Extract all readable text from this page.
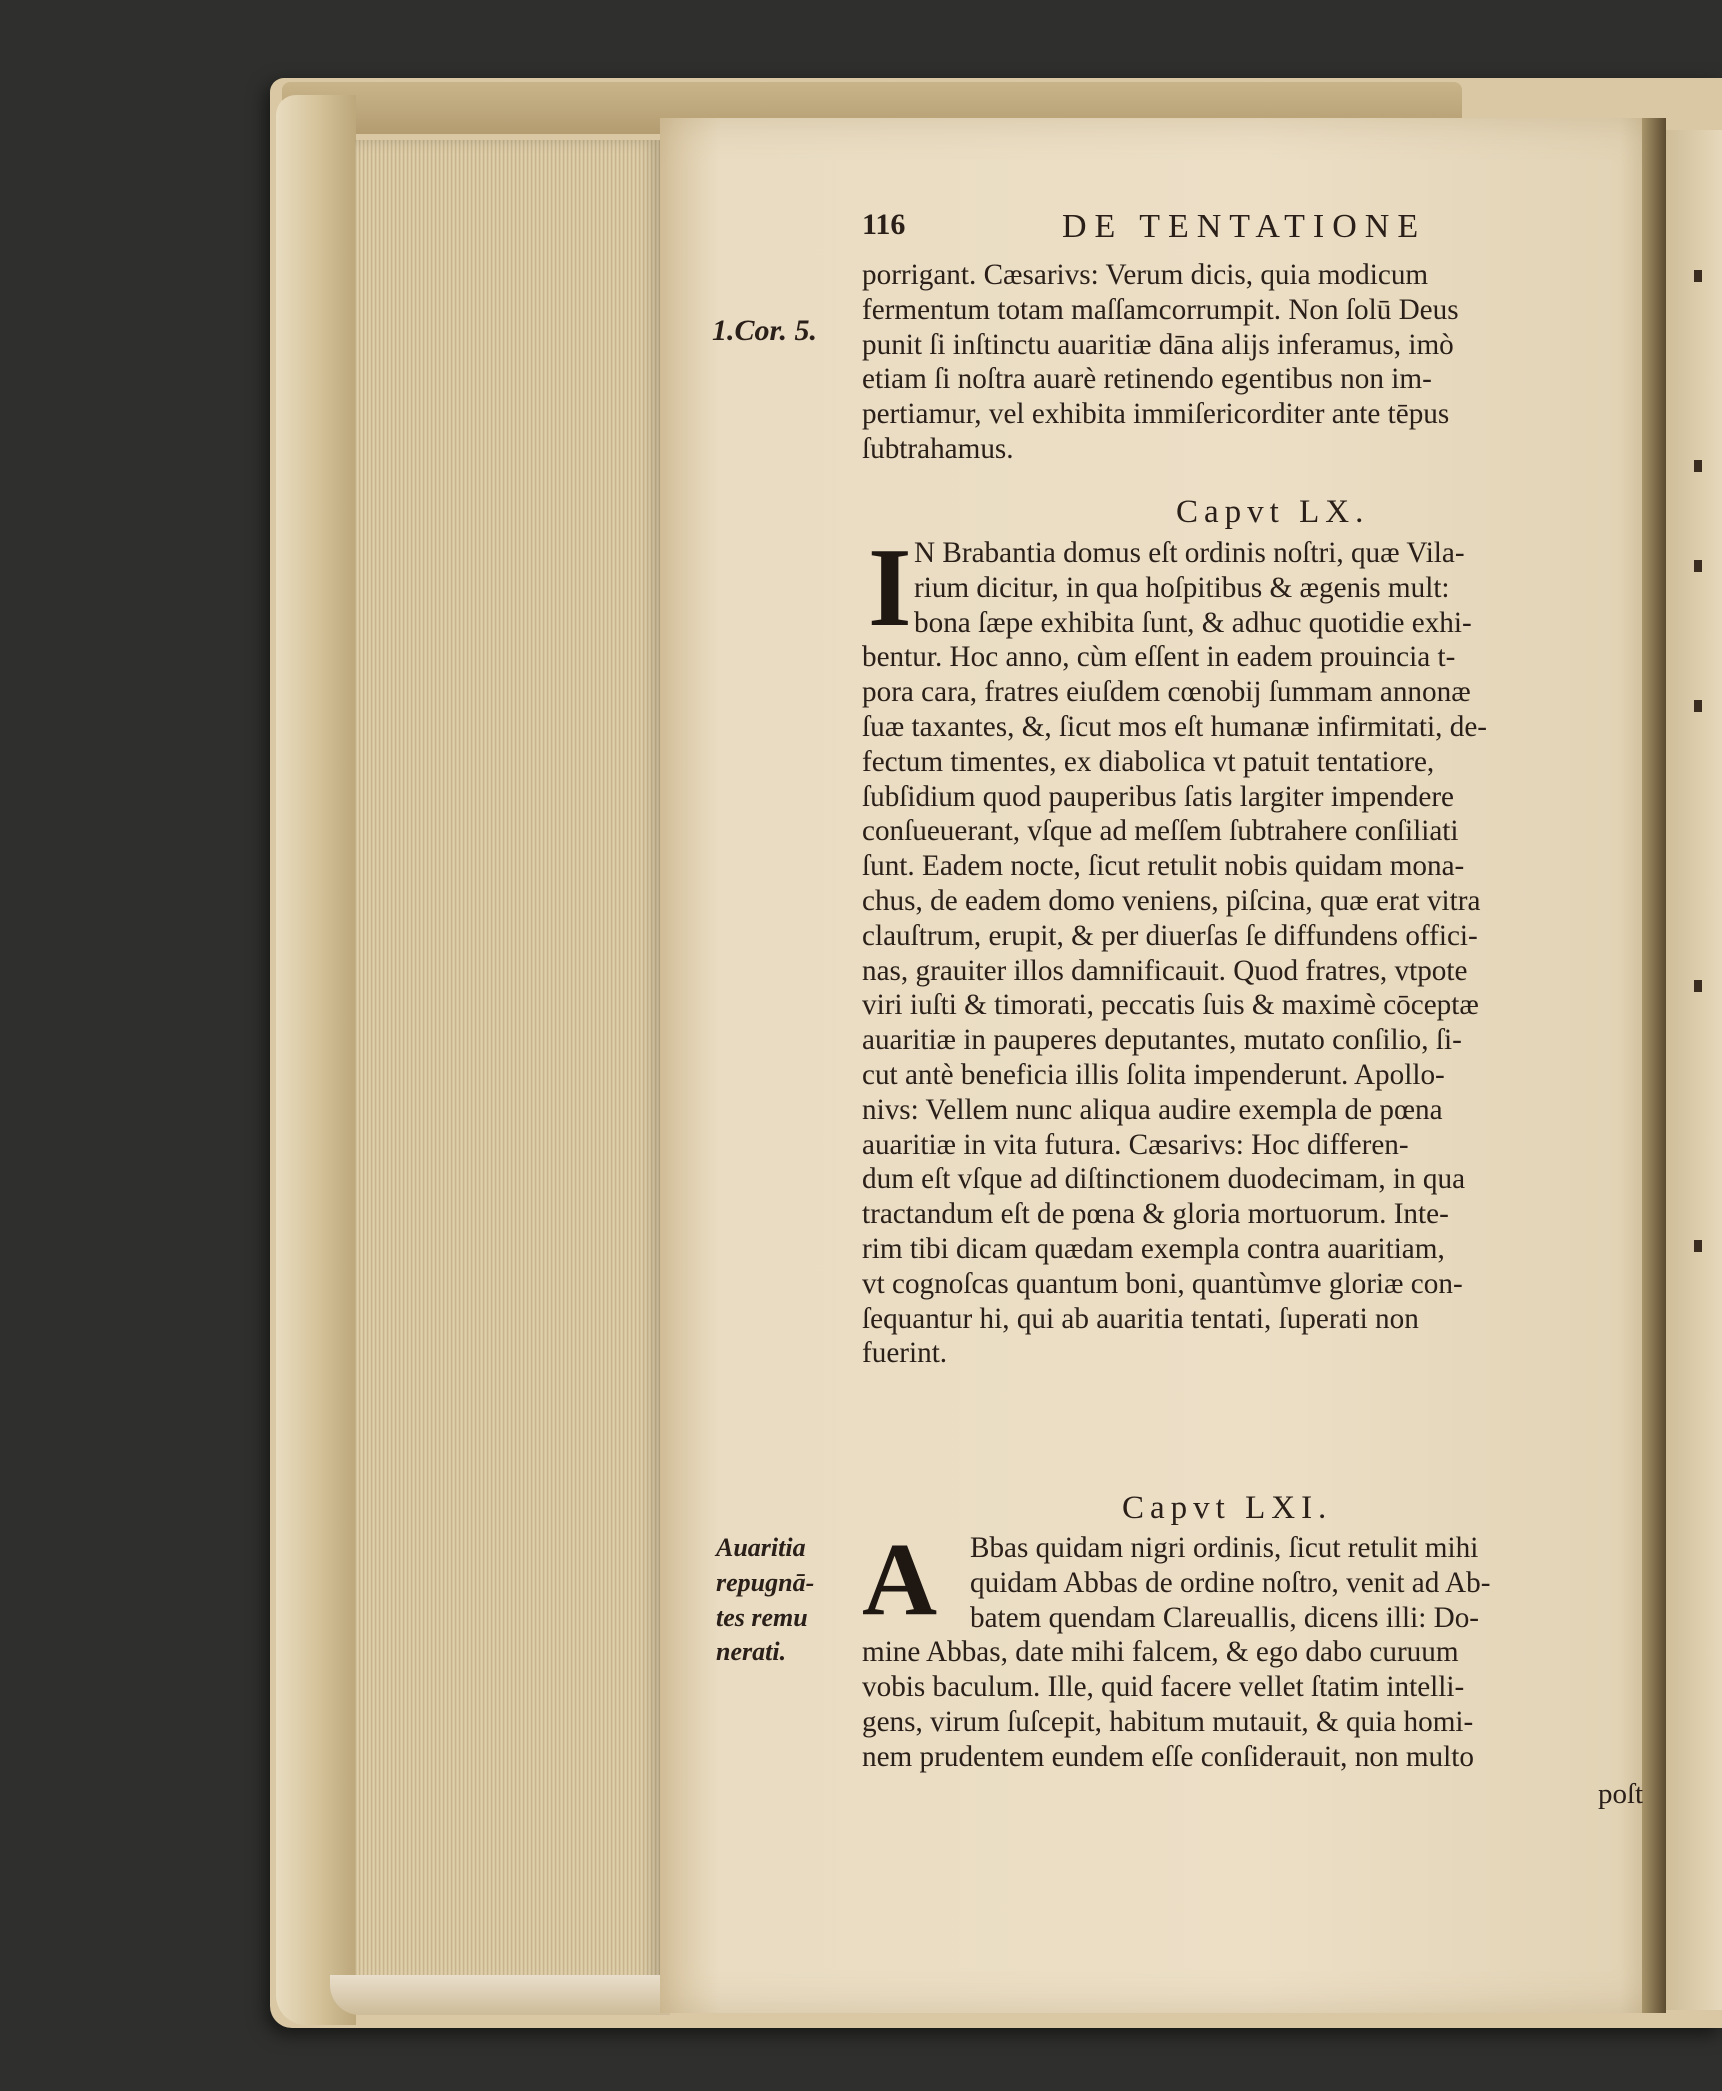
116	DE TENTATIONE
1.Cor. 5.
porrigant. Cæsarivs: Verum dicis, quia modicum
fermentum totam maſſamcorrumpit. Non ſolū Deus
punit ſi inſtinctu auaritiæ dāna alijs inferamus, imò
etiam ſi noſtra auarè retinendo egentibus non im-
pertiamur, vel exhibita immiſericorditer ante tēpus
ſubtrahamus.
Capvt LX.
I N Brabantia domus eſt ordinis noſtri, quæ Vila-
rium dicitur, in qua hoſpitibus & ægenis mult:
bona ſæpe exhibita ſunt, & adhuc quotidie exhi-
bentur. Hoc anno, cùm eſſent in eadem prouincia t-
pora cara, fratres eiuſdem cœnobij ſummam annonæ
ſuæ taxantes, &, ſicut mos eſt humanæ infirmitati, de-
fectum timentes, ex diabolica vt patuit tentatiore,
ſubſidium quod pauperibus ſatis largiter impendere
conſueuerant, vſque ad meſſem ſubtrahere conſiliati
ſunt. Eadem nocte, ſicut retulit nobis quidam mona-
chus, de eadem domo veniens, piſcina, quæ erat vitra
clauſtrum, erupit, & per diuerſas ſe diffundens offici-
nas, grauiter illos damnificauit. Quod fratres, vtpote
viri iuſti & timorati, peccatis ſuis & maximè cōceptæ
auaritiæ in pauperes deputantes, mutato conſilio, ſi-
cut antè beneficia illis ſolita impenderunt. Apollo-
nivs: Vellem nunc aliqua audire exempla de pœna
auaritiæ in vita futura. Cæsarivs: Hoc differen-
dum eſt vſque ad diſtinctionem duodecimam, in qua
tractandum eſt de pœna & gloria mortuorum. Inte-
rim tibi dicam quædam exempla contra auaritiam,
vt cognoſcas quantum boni, quantùmve gloriæ con-
ſequantur hi, qui ab auaritia tentati, ſuperati non
fuerint.
Capvt LXI.
A	Bbas quidam nigri ordinis, ſicut retulit mihi
quidam Abbas de ordine noſtro, venit ad Ab-
batem quendam Clareuallis, dicens illi: Do-
mine Abbas, date mihi falcem, & ego dabo curuum
vobis baculum. Ille, quid facere vellet ſtatim intelli-
gens, virum ſuſcepit, habitum mutauit, & quia homi-
nem prudentem eundem eſſe conſiderauit, non multo
Auaritia
repugnā-
tes remu
nerati.
poſt
